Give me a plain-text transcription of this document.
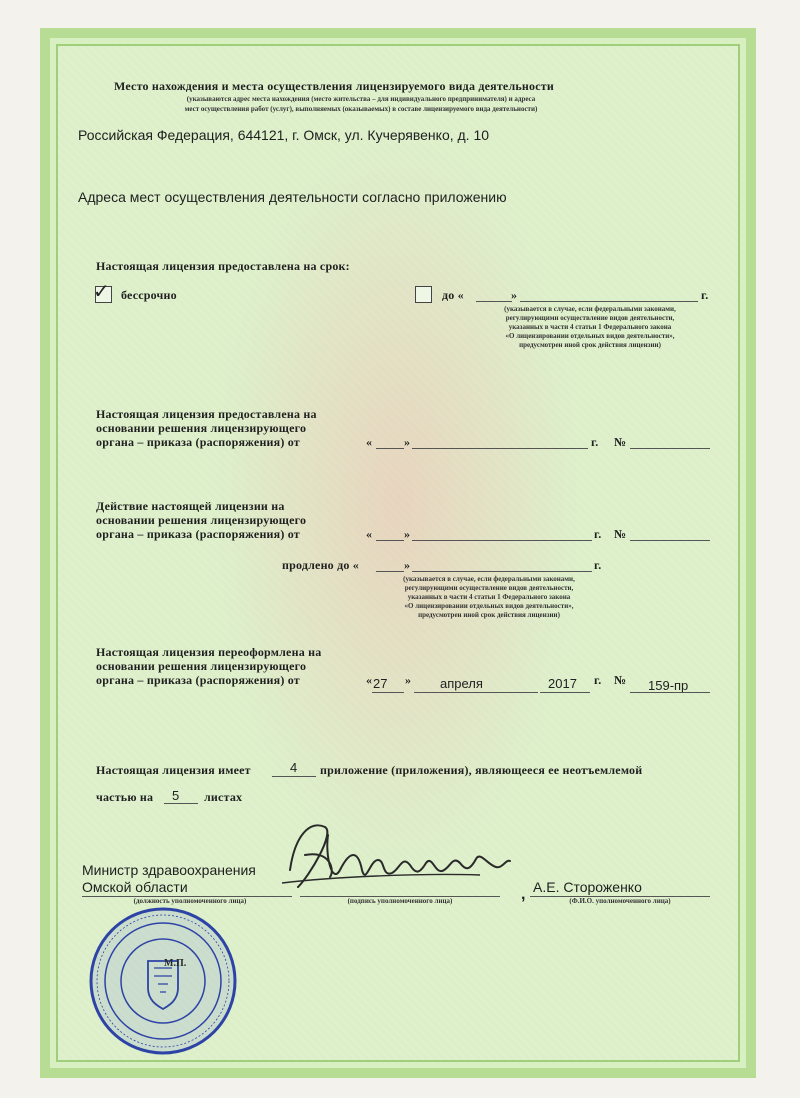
Место нахождения и места осуществления лицензируемого вида деятельности
(указываются адрес места нахождения (место жительства – для индивидуального предпринимателя) и адреса
мест осуществления работ (услуг), выполняемых (оказываемых) в составе лицензируемого вида деятельности)
Российская Федерация, 644121, г. Омск, ул. Кучерявенко, д. 10
Адреса мест осуществления деятельности согласно приложению
Настоящая лицензия предоставлена на срок:
✓ бессрочно	до «	»	г.
(указывается в случае, если федеральными законами,
регулирующими осуществление видов деятельности,
указанных в части 4 статьи 1 Федерального закона
«О лицензировании отдельных видов деятельности»,
предусмотрен иной срок действия лицензии)
Настоящая лицензия предоставлена на
основании решения лицензирующего
органа – приказа (распоряжения) от	«	»	г. №
Действие настоящей лицензии на
основании решения лицензирующего
органа – приказа (распоряжения) от	«	»	г. №
продлено до «	»	г.
(указывается в случае, если федеральными законами,
регулирующими осуществление видов деятельности,
указанных в части 4 статьи 1 Федерального закона
«О лицензировании отдельных видов деятельности»,
предусмотрен иной срок действия лицензии)
Настоящая лицензия переоформлена на
основании решения лицензирующего
органа – приказа (распоряжения) от	« 27 » апреля	2017 г. № 159-пр
Настоящая лицензия имеет	4 приложение (приложения), являющееся ее неотъемлемой
частью на 5 листах
Министр здравоохранения
Омской области
(должность уполномоченного лица)	(подпись уполномоченного лица)	, А.Е. Стороженко
(Ф.И.О. уполномоченного лица)
М.П.
